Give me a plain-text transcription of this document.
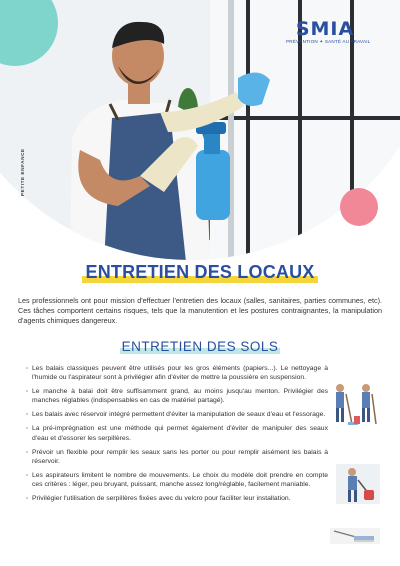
SMIA
PRÉVENTION ✦ SANTÉ AU TRAVAIL
PETITE ENFANCE
ENTRETIEN DES LOCAUX
Les professionnels ont pour mission d'effectuer l'entretien des locaux (salles, sanitaires, parties communes, etc). Ces tâches comportent certains risques, tels que la manutention et les postures contraignantes, la manipulation d'agents chimiques dangereux.
ENTRETIEN DES SOLS
· Les balais classiques peuvent être utilisés pour les gros éléments (papiers...). Le nettoyage à l'humide ou l'aspirateur sont à privilégier afin d'éviter de mettre la poussière en suspension.
· Le manche à balai doit être suffisamment grand, au moins jusqu'au menton. Privilégier des manches réglables (indispensables en cas de matériel partagé).
· Les balais avec réservoir intégré permettent d'éviter la manipulation de seaux d'eau et l'essorage.
· La pré-imprégnation est une méthode qui permet également d'éviter de manipuler des seaux d'eau et d'essorer les serpillères.
· Prévoir un flexible pour remplir les seaux sans les porter ou pour remplir aisément les balais à réservoir.
· Les aspirateurs limitent le nombre de mouvements. Le choix du modèle doit prendre en compte ces critères : léger, peu bruyant, puissant, manche assez long/réglable, facilement maniable.
· Privilégier l'utilisation de serpillères fixées avec du velcro pour faciliter leur installation.
